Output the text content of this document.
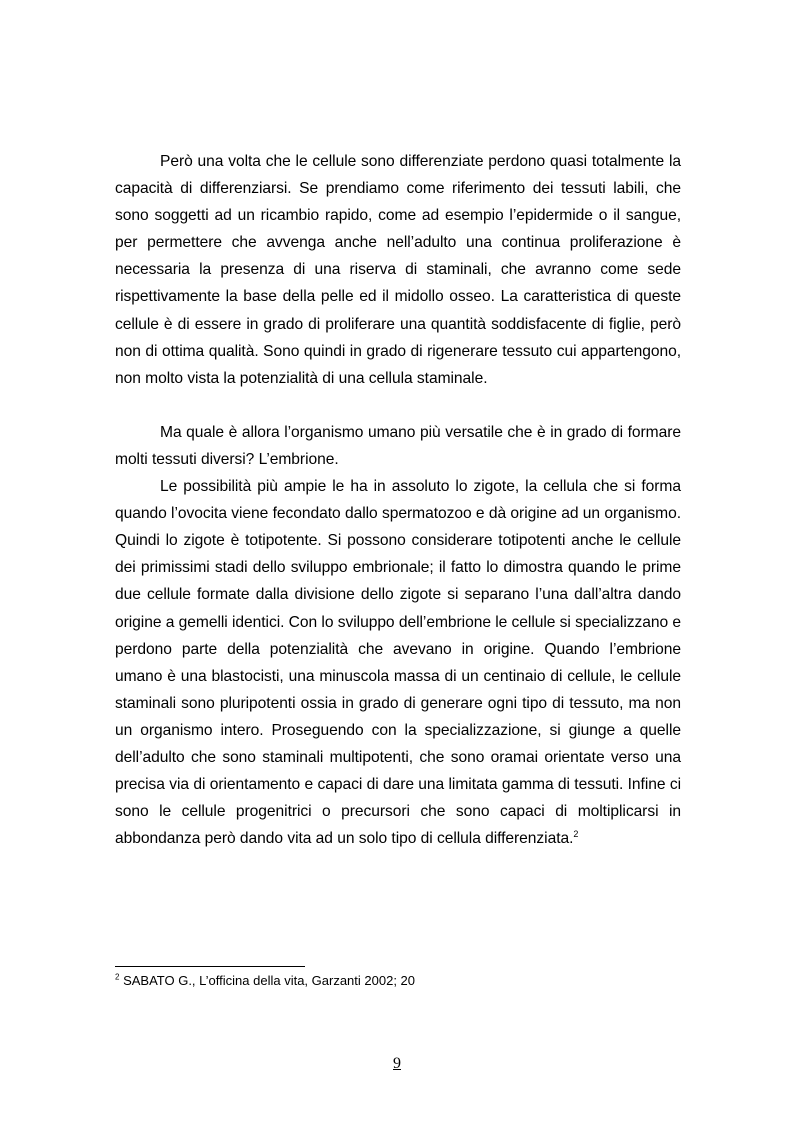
Però una volta che le cellule sono differenziate perdono quasi totalmente la capacità di differenziarsi. Se prendiamo come riferimento dei tessuti labili, che sono soggetti ad un ricambio rapido, come ad esempio l’epidermide o il sangue, per permettere che avvenga anche nell’adulto una continua proliferazione è necessaria la presenza di una riserva di staminali, che avranno come sede rispettivamente la base della pelle ed il midollo osseo. La caratteristica di queste cellule è di essere in grado di proliferare una quantità soddisfacente di figlie, però non di ottima qualità. Sono quindi in grado di rigenerare tessuto cui appartengono, non molto vista la potenzialità di una cellula staminale.

Ma quale è allora l’organismo umano più versatile che è in grado di formare molti tessuti diversi? L’embrione.

Le possibilità più ampie le ha in assoluto lo zigote, la cellula che si forma quando l’ovocita viene fecondato dallo spermatozoo e dà origine ad un organismo. Quindi lo zigote è totipotente. Si possono considerare totipotenti anche le cellule dei primissimi stadi dello sviluppo embrionale; il fatto lo dimostra quando le prime due cellule formate dalla divisione dello zigote si separano l’una dall’altra dando origine a gemelli identici. Con lo sviluppo dell’embrione le cellule si specializzano e perdono parte della potenzialità che avevano in origine. Quando l’embrione umano è una blastocisti, una minuscola massa di un centinaio di cellule, le cellule staminali sono pluripotenti ossia in grado di generare ogni tipo di tessuto, ma non un organismo intero. Proseguendo con la specializzazione, si giunge a quelle dell’adulto che sono staminali multipotenti, che sono oramai orientate verso una precisa via di orientamento e capaci di dare una limitata gamma di tessuti. Infine ci sono le cellule progenitrici o precursori che sono capaci di moltiplicarsi in abbondanza però dando vita ad un solo tipo di cellula differenziata.$^2$

$^2$ SABATO G., L’officina della vita, Garzanti 2002; 20
9
